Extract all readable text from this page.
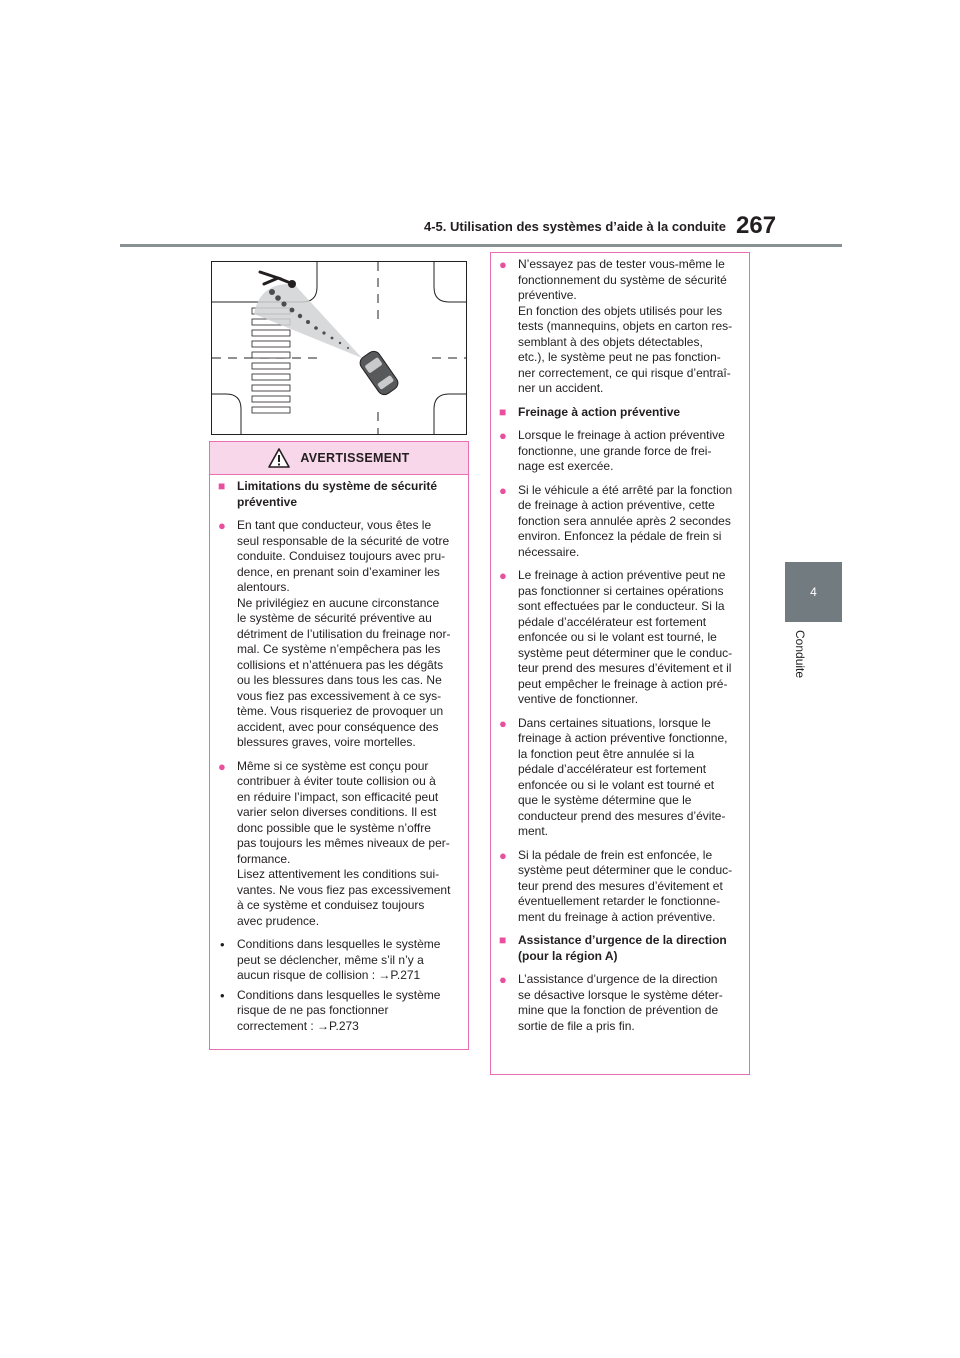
4-5. Utilisation des systèmes d’aide à la conduite 267
4
Conduite
AVERTISSEMENT
■ Limitations du système de sécurité
préventive
● En tant que conducteur, vous êtes le
seul responsable de la sécurité de votre
conduite. Conduisez toujours avec pru-
dence, en prenant soin d’examiner les
alentours.
Ne privilégiez en aucune circonstance
le système de sécurité préventive au
détriment de l’utilisation du freinage nor-
mal. Ce système n’empêchera pas les
collisions et n’atténuera pas les dégâts
ou les blessures dans tous les cas. Ne
vous fiez pas excessivement à ce sys-
tème. Vous risqueriez de provoquer un
accident, avec pour conséquence des
blessures graves, voire mortelles.
● Même si ce système est conçu pour
contribuer à éviter toute collision ou à
en réduire l’impact, son efficacité peut
varier selon diverses conditions. Il est
donc possible que le système n’offre
pas toujours les mêmes niveaux de per-
formance.
Lisez attentivement les conditions sui-
vantes. Ne vous fiez pas excessivement
à ce système et conduisez toujours
avec prudence.
• Conditions dans lesquelles le système
peut se déclencher, même s’il n’y a
aucun risque de collision : →P.271
• Conditions dans lesquelles le système
risque de ne pas fonctionner
correctement : →P.273
● N’essayez pas de tester vous-même le
fonctionnement du système de sécurité
préventive.
En fonction des objets utilisés pour les
tests (mannequins, objets en carton res-
semblant à des objets détectables,
etc.), le système peut ne pas fonction-
ner correctement, ce qui risque d’entraî-
ner un accident.
■ Freinage à action préventive
● Lorsque le freinage à action préventive
fonctionne, une grande force de frei-
nage est exercée.
● Si le véhicule a été arrêté par la fonction
de freinage à action préventive, cette
fonction sera annulée après 2 secondes
environ. Enfoncez la pédale de frein si
nécessaire.
● Le freinage à action préventive peut ne
pas fonctionner si certaines opérations
sont effectuées par le conducteur. Si la
pédale d’accélérateur est fortement
enfoncée ou si le volant est tourné, le
système peut déterminer que le conduc-
teur prend des mesures d’évitement et il
peut empêcher le freinage à action pré-
ventive de fonctionner.
● Dans certaines situations, lorsque le
freinage à action préventive fonctionne,
la fonction peut être annulée si la
pédale d’accélérateur est fortement
enfoncée ou si le volant est tourné et
que le système détermine que le
conducteur prend des mesures d’évite-
ment.
● Si la pédale de frein est enfoncée, le
système peut déterminer que le conduc-
teur prend des mesures d’évitement et
éventuellement retarder le fonctionne-
ment du freinage à action préventive.
■ Assistance d’urgence de la direction
(pour la région A)
● L’assistance d’urgence de la direction
se désactive lorsque le système déter-
mine que la fonction de prévention de
sortie de file a pris fin.
